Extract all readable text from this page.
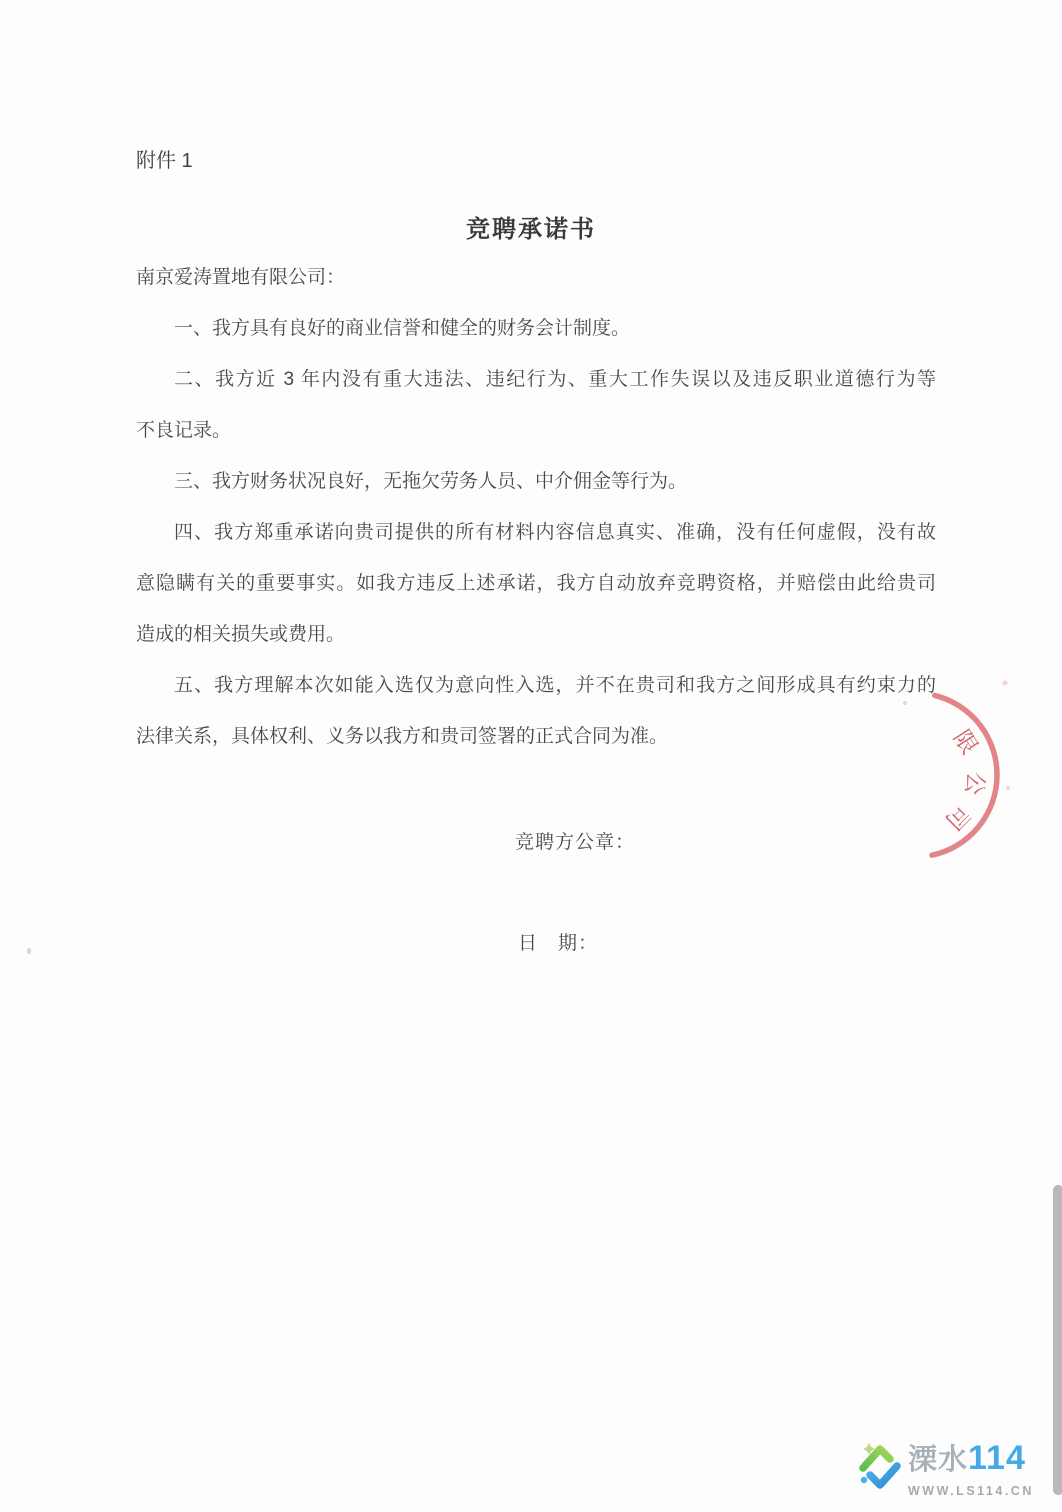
附件 1
竞聘承诺书
南京爱涛置地有限公司：
一、我方具有良好的商业信誉和健全的财务会计制度。
二、我方近 3 年内没有重大违法、违纪行为、重大工作失误以及违反职业道德行为等
不良记录。
三、我方财务状况良好，无拖欠劳务人员、中介佣金等行为。
四、我方郑重承诺向贵司提供的所有材料内容信息真实、准确，没有任何虚假，没有故
意隐瞒有关的重要事实。如我方违反上述承诺，我方自动放弃竞聘资格，并赔偿由此给贵司
造成的相关损失或费用。
五、我方理解本次如能入选仅为意向性入选，并不在贵司和我方之间形成具有约束力的
法律关系，具体权利、义务以我方和贵司签署的正式合同为准。
竞聘方公章：
日　期：
限
公
司
溧水114
WWW.LS114.CN
